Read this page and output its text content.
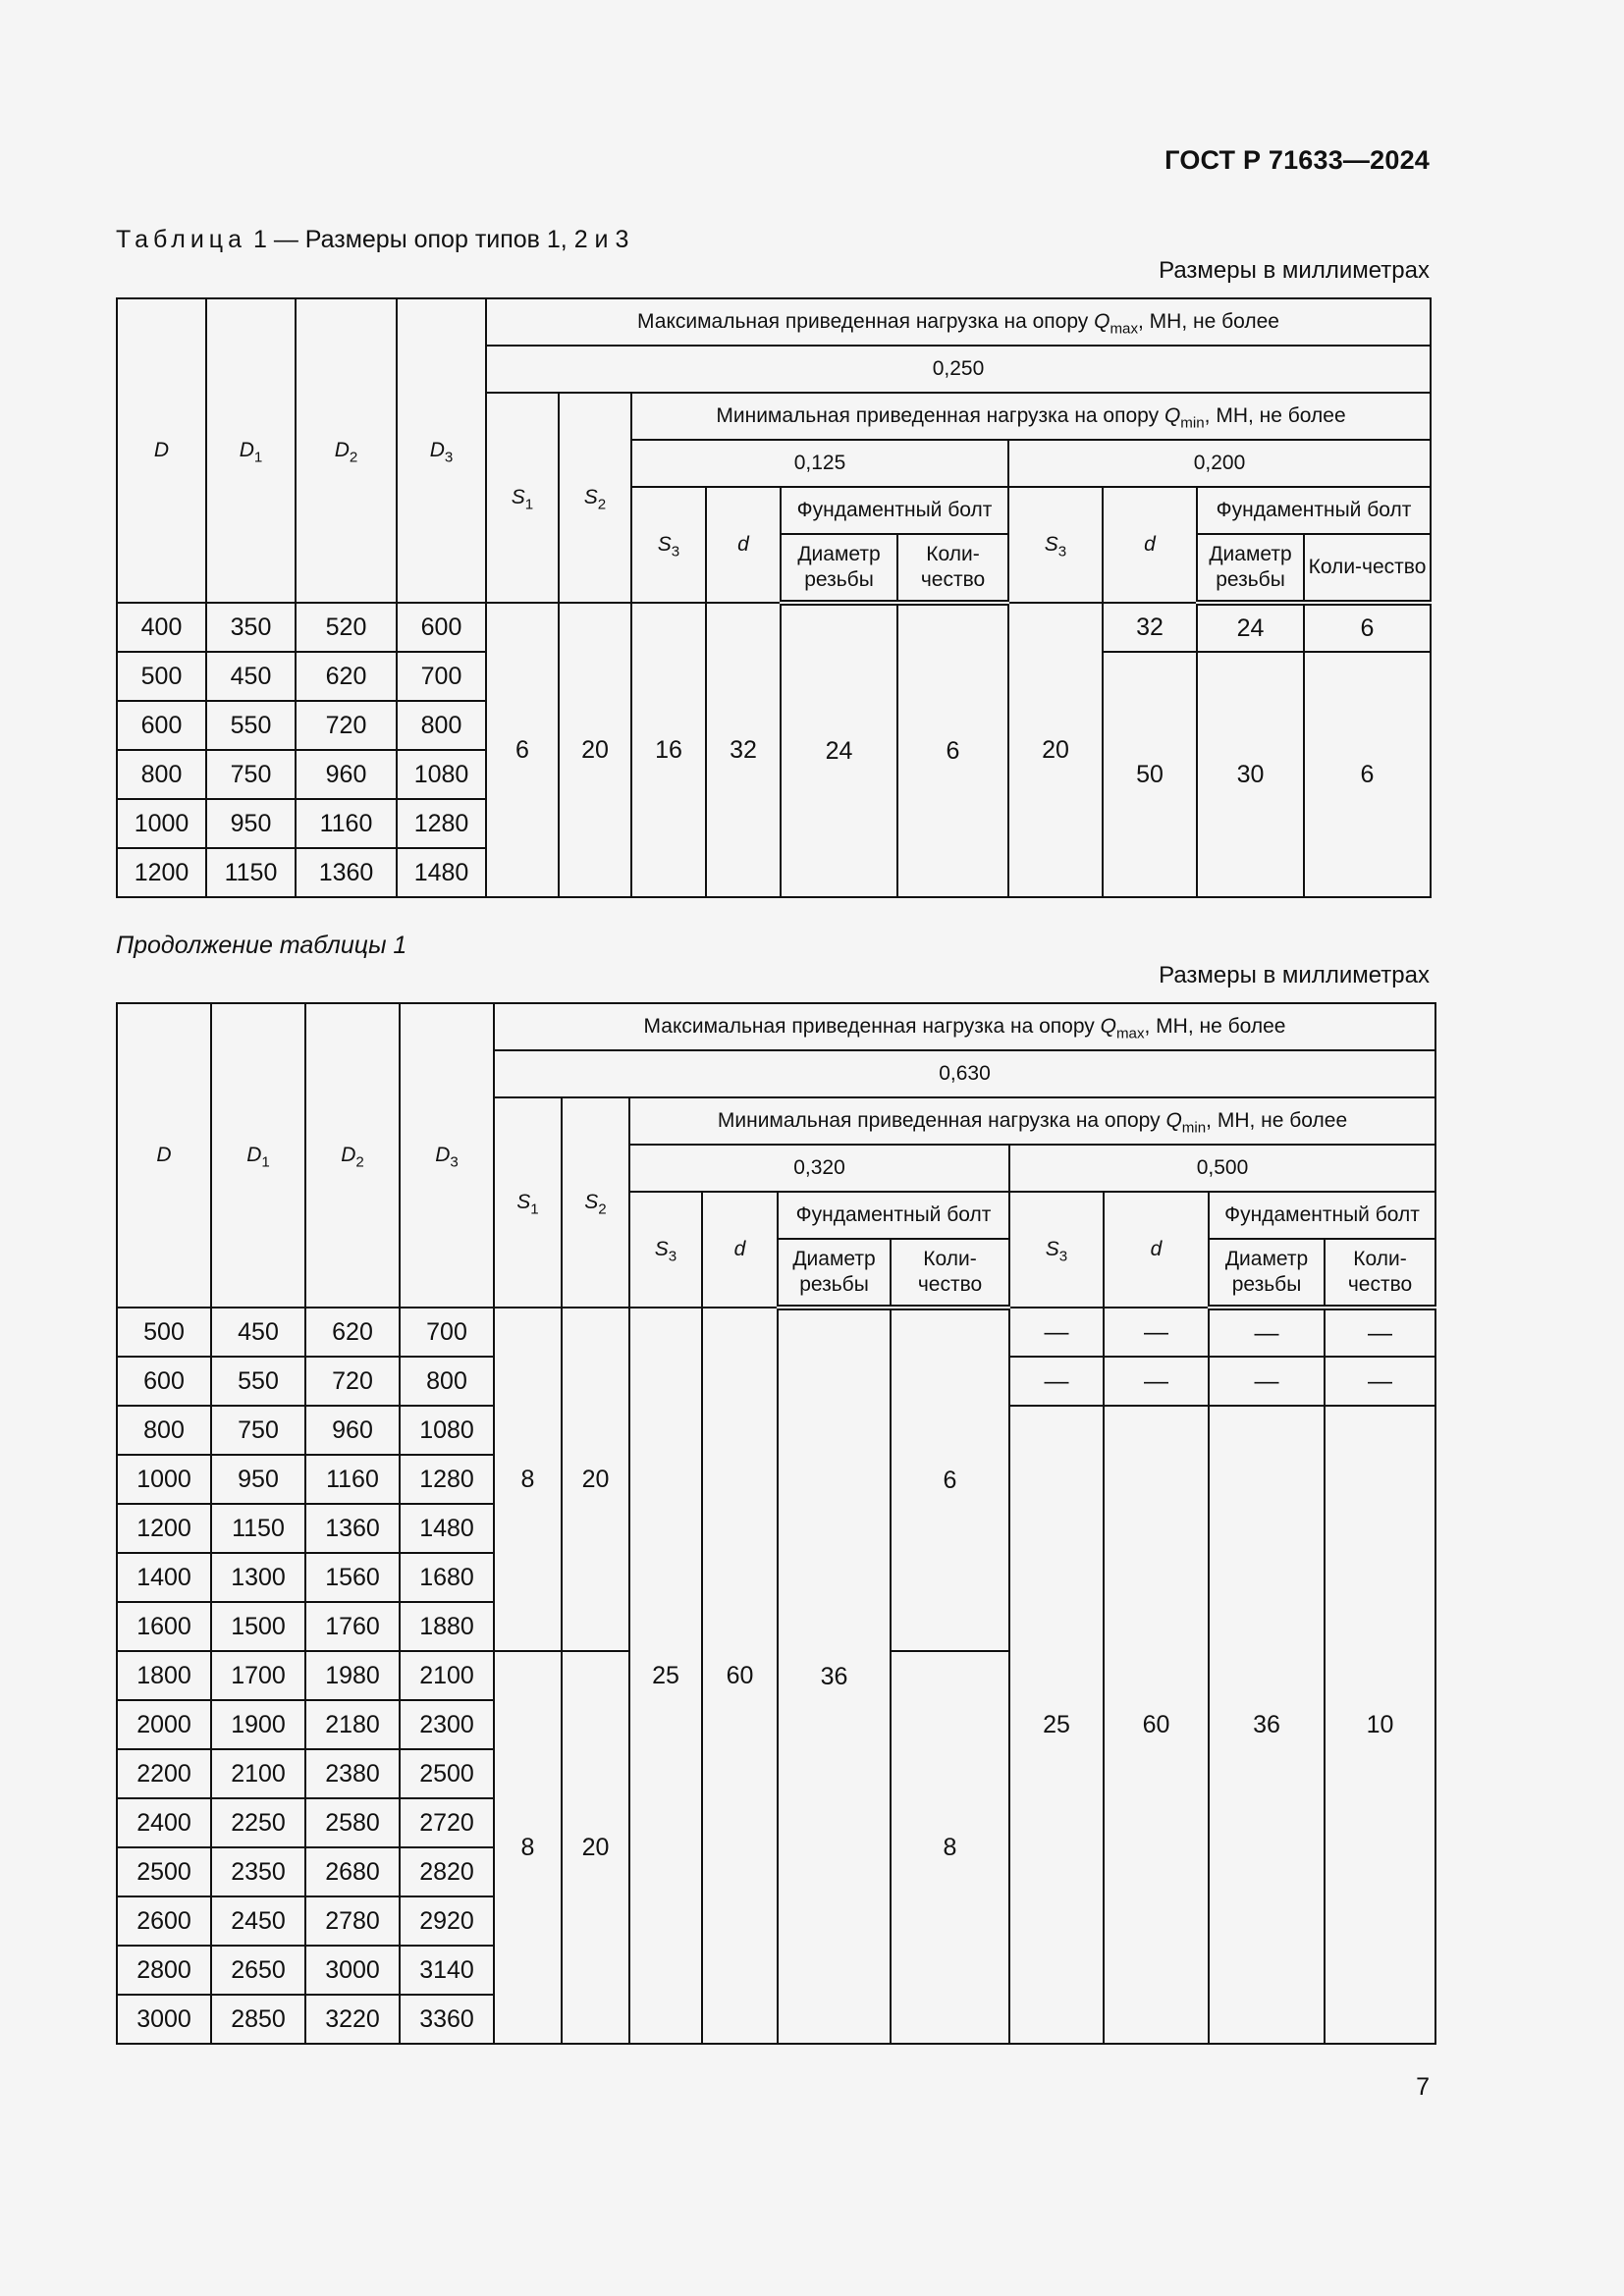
ГОСТ Р 71633—2024
Таблица 1 — Размеры опор типов 1, 2 и 3
Размеры в миллиметрах
D	$D_1$	$D_2$	$D_3$	Максимальная приведенная нагрузка на опору $Q_{max}$, МН, не более									
				0,250									
				$S_1$	$S_2$	Минимальная приведенная нагрузка на опору $Q_{min}$, МН, не более							
						0,125				0,200			
						$S_3$	d	Фундаментный болт		$S_3$	d	Фундаментный болт	
								Диаметр резьбы	Коли-чество			Диаметр резьбы	Коли-чество
400	350	520	600	6	20	16	32	24	6	20	32	24	6
500	450	620	700								50	30	6
600	550	720	800										
800	750	960	1080										
1000	950	1160	1280										
1200	1150	1360	1480										
Продолжение таблицы 1
Размеры в миллиметрах
D	$D_1$	$D_2$	$D_3$	Максимальная приведенная нагрузка на опору $Q_{max}$, МН, не более									
				0,630									
				$S_1$	$S_2$	Минимальная приведенная нагрузка на опору $Q_{min}$, МН, не более							
						0,320				0,500			
						$S_3$	d	Фундаментный болт		$S_3$	d	Фундаментный болт	
								Диаметр резьбы	Коли-чество			Диаметр резьбы	Коли-чество
500	450	620	700	8	20	25	60	36	6	—	—	—	—
600	550	720	800							—	—	—	—
800	750	960	1080							25	60	36	10
1000	950	1160	1280										
1200	1150	1360	1480										
1400	1300	1560	1680										
1600	1500	1760	1880										
1800	1700	1980	2100	8	20				8				
2000	1900	2180	2300										
2200	2100	2380	2500										
2400	2250	2580	2720										
2500	2350	2680	2820										
2600	2450	2780	2920										
2800	2650	3000	3140										
3000	2850	3220	3360										
7
